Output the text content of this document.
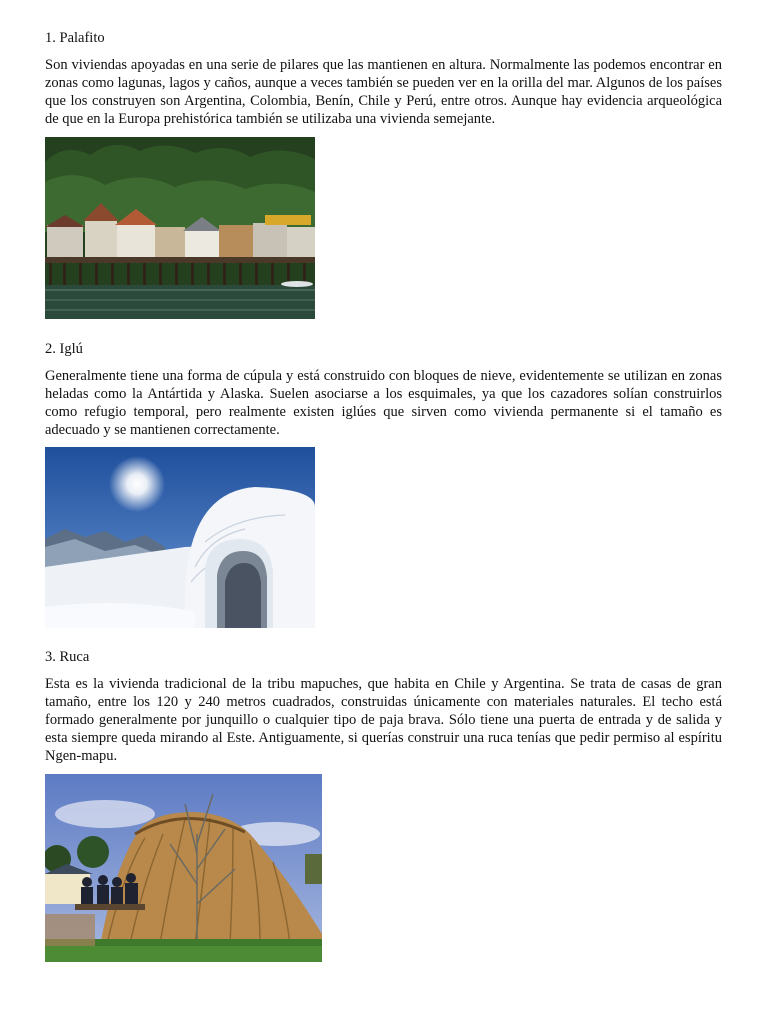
1. Palafito

Son viviendas apoyadas en una serie de pilares que las mantienen en altura. Normalmente las podemos encontrar en zonas como lagunas, lagos y caños, aunque a veces también se pueden ver en la orilla del mar. Algunos de los países que los construyen son Argentina, Colombia, Benín, Chile y Perú, entre otros. Aunque hay evidencia arqueológica de que en la Europa prehistórica también se utilizaba una vivienda semejante.

2. Iglú

Generalmente tiene una forma de cúpula y está construido con bloques de nieve, evidentemente se utilizan en zonas heladas como la Antártida y Alaska. Suelen asociarse a los esquimales, ya que los cazadores solían construirlos como refugio temporal, pero realmente existen iglúes que sirven como vivienda permanente si el tamaño es adecuado y se mantienen correctamente.

3. Ruca

Esta es la vivienda tradicional de la tribu mapuches, que habita en Chile y Argentina. Se trata de casas de gran tamaño, entre los 120 y 240 metros cuadrados, construidas únicamente con materiales naturales. El techo está formado generalmente por junquillo o cualquier tipo de paja brava. Sólo tiene una puerta de entrada y de salida y esta siempre queda mirando al Este. Antiguamente, si querías construir una ruca tenías que pedir permiso al espíritu Ngen-mapu.
